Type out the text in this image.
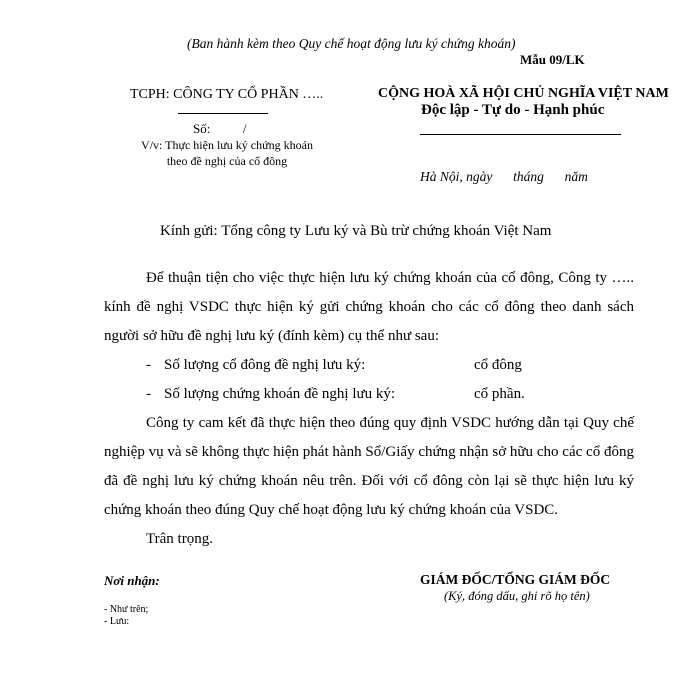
(Ban hành kèm theo Quy chế hoạt động lưu ký chứng khoán)
Mẫu 09/LK
TCPH: CÔNG TY CỔ PHẦN …..
Số:          /
V/v: Thực hiện lưu ký chứng khoán
theo đề nghị của cổ đông
CỘNG HOÀ XÃ HỘI CHỦ NGHĨA VIỆT NAM
Độc lập - Tự do - Hạnh phúc
Hà Nội, ngày tháng năm
Kính gửi: Tổng công ty Lưu ký và Bù trừ chứng khoán Việt Nam

Để thuận tiện cho việc thực hiện lưu ký chứng khoán của cổ đông, Công ty ….. kính đề nghị VSDC thực hiện ký gửi chứng khoán cho các cổ đông theo danh sách người sở hữu đề nghị lưu ký (đính kèm) cụ thể như sau:

- Số lượng cổ đông đề nghị lưu ký:	cổ đông
- Số lượng chứng khoán đề nghị lưu ký:	cổ phần.

Công ty cam kết đã thực hiện theo đúng quy định VSDC hướng dẫn tại Quy chế nghiệp vụ và sẽ không thực hiện phát hành Sổ/Giấy chứng nhận sở hữu cho các cổ đông đã đề nghị lưu ký chứng khoán nêu trên. Đối với cổ đông còn lại sẽ thực hiện lưu ký chứng khoán theo đúng Quy chế hoạt động lưu ký chứng khoán của VSDC.

Trân trọng.

Nơi nhận:
- Như trên;
- Lưu:
GIÁM ĐỐC/TỔNG GIÁM ĐỐC
(Ký, đóng dấu, ghi rõ họ tên)
